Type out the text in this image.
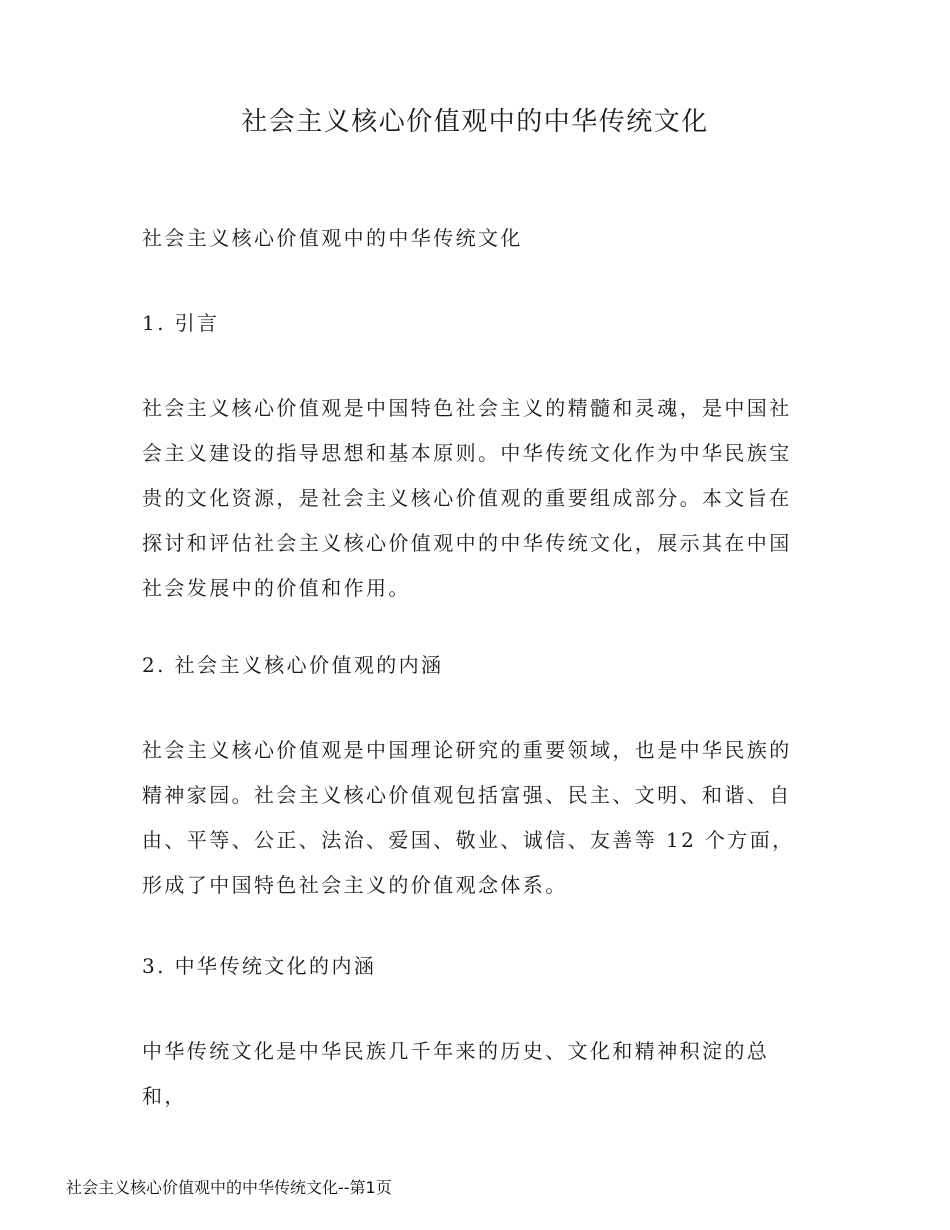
社会主义核心价值观中的中华传统文化

社会主义核心价值观中的中华传统文化

1. 引言

社会主义核心价值观是中国特色社会主义的精髓和灵魂，是中国社会主义建设的指导思想和基本原则。中华传统文化作为中华民族宝贵的文化资源，是社会主义核心价值观的重要组成部分。本文旨在探讨和评估社会主义核心价值观中的中华传统文化，展示其在中国社会发展中的价值和作用。

2. 社会主义核心价值观的内涵

社会主义核心价值观是中国理论研究的重要领域，也是中华民族的精神家园。社会主义核心价值观包括富强、民主、文明、和谐、自由、平等、公正、法治、爱国、敬业、诚信、友善等 12 个方面，形成了中国特色社会主义的价值观念体系。

3. 中华传统文化的内涵

中华传统文化是中华民族几千年来的历史、文化和精神积淀的总和，

社会主义核心价值观中的中华传统文化--第1页
